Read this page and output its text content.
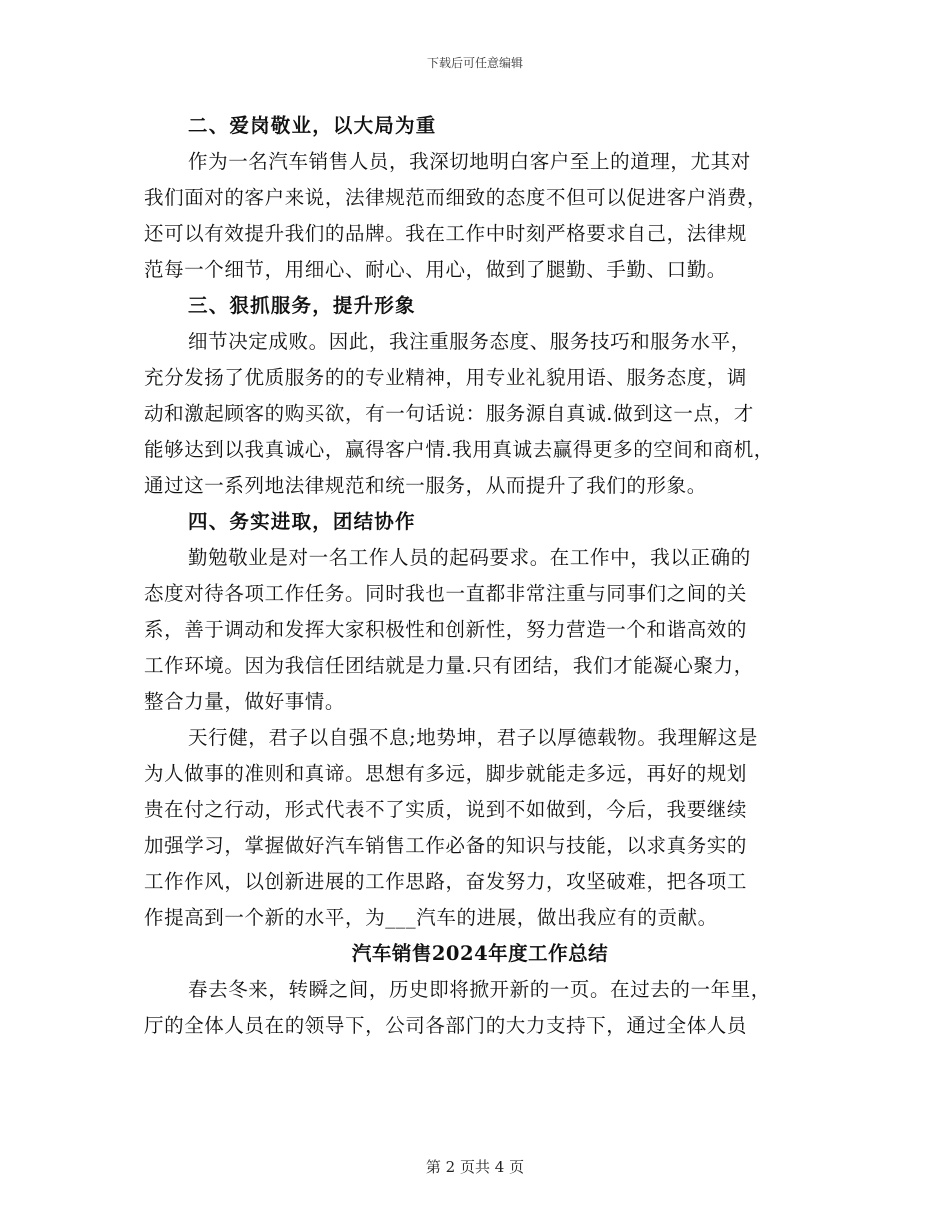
下载后可任意编辑
二、爱岗敬业，以大局为重
作为一名汽车销售人员，我深切地明白客户至上的道理，尤其对
我们面对的客户来说，法律规范而细致的态度不但可以促进客户消费，
还可以有效提升我们的品牌。我在工作中时刻严格要求自己，法律规
范每一个细节，用细心、耐心、用心，做到了腿勤、手勤、口勤。
三、狠抓服务，提升形象
细节决定成败。因此，我注重服务态度、服务技巧和服务水平，
充分发扬了优质服务的的专业精神，用专业礼貌用语、服务态度，调
动和激起顾客的购买欲，有一句话说：服务源自真诚.做到这一点，才
能够达到以我真诚心，赢得客户情.我用真诚去赢得更多的空间和商机，
通过这一系列地法律规范和统一服务，从而提升了我们的形象。
四、务实进取，团结协作
勤勉敬业是对一名工作人员的起码要求。在工作中，我以正确的
态度对待各项工作任务。同时我也一直都非常注重与同事们之间的关
系，善于调动和发挥大家积极性和创新性，努力营造一个和谐高效的
工作环境。因为我信任团结就是力量.只有团结，我们才能凝心聚力，
整合力量，做好事情。
天行健，君子以自强不息;地势坤，君子以厚德载物。我理解这是
为人做事的准则和真谛。思想有多远，脚步就能走多远，再好的规划
贵在付之行动，形式代表不了实质，说到不如做到，今后，我要继续
加强学习，掌握做好汽车销售工作必备的知识与技能，以求真务实的
工作作风，以创新进展的工作思路，奋发努力，攻坚破难，把各项工
作提高到一个新的水平，为___汽车的进展，做出我应有的贡献。
汽车销售2024年度工作总结
春去冬来，转瞬之间，历史即将掀开新的一页。在过去的一年里，
厅的全体人员在的领导下，公司各部门的大力支持下，通过全体人员
第 2 页共 4 页
